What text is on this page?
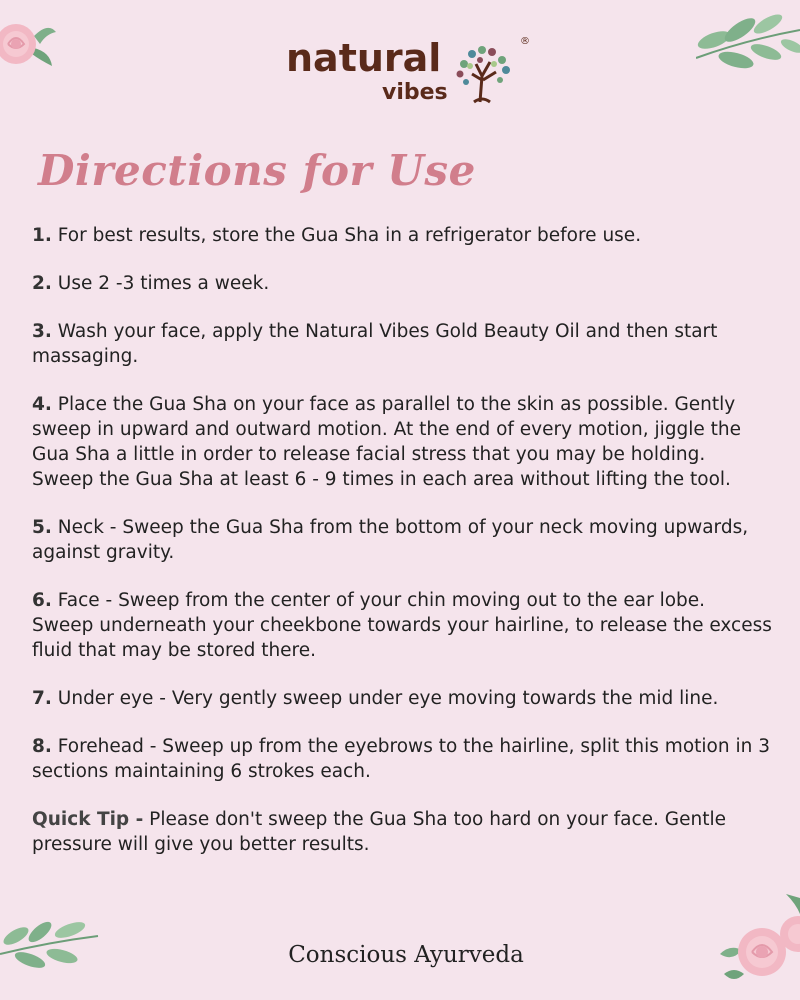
natural
vibes
®
Directions for Use

1. For best results, store the Gua Sha in a refrigerator before use.

2. Use 2 -3 times a week.

3. Wash your face, apply the Natural Vibes Gold Beauty Oil and then start massaging.

4. Place the Gua Sha on your face as parallel to the skin as possible. Gently sweep in upward and outward motion. At the end of every motion, jiggle the Gua Sha a little in order to release facial stress that you may be holding. Sweep the Gua Sha at least 6 - 9 times in each area without lifting the tool.

5. Neck - Sweep the Gua Sha from the bottom of your neck moving upwards, against gravity.

6. Face - Sweep from the center of your chin moving out to the ear lobe. Sweep underneath your cheekbone towards your hairline, to release the excess fluid that may be stored there.

7. Under eye - Very gently sweep under eye moving towards the mid line.

8. Forehead - Sweep up from the eyebrows to the hairline, split this motion in 3 sections maintaining 6 strokes each.

Quick Tip - Please don't sweep the Gua Sha too hard on your face. Gentle pressure will give you better results.

Conscious Ayurveda
